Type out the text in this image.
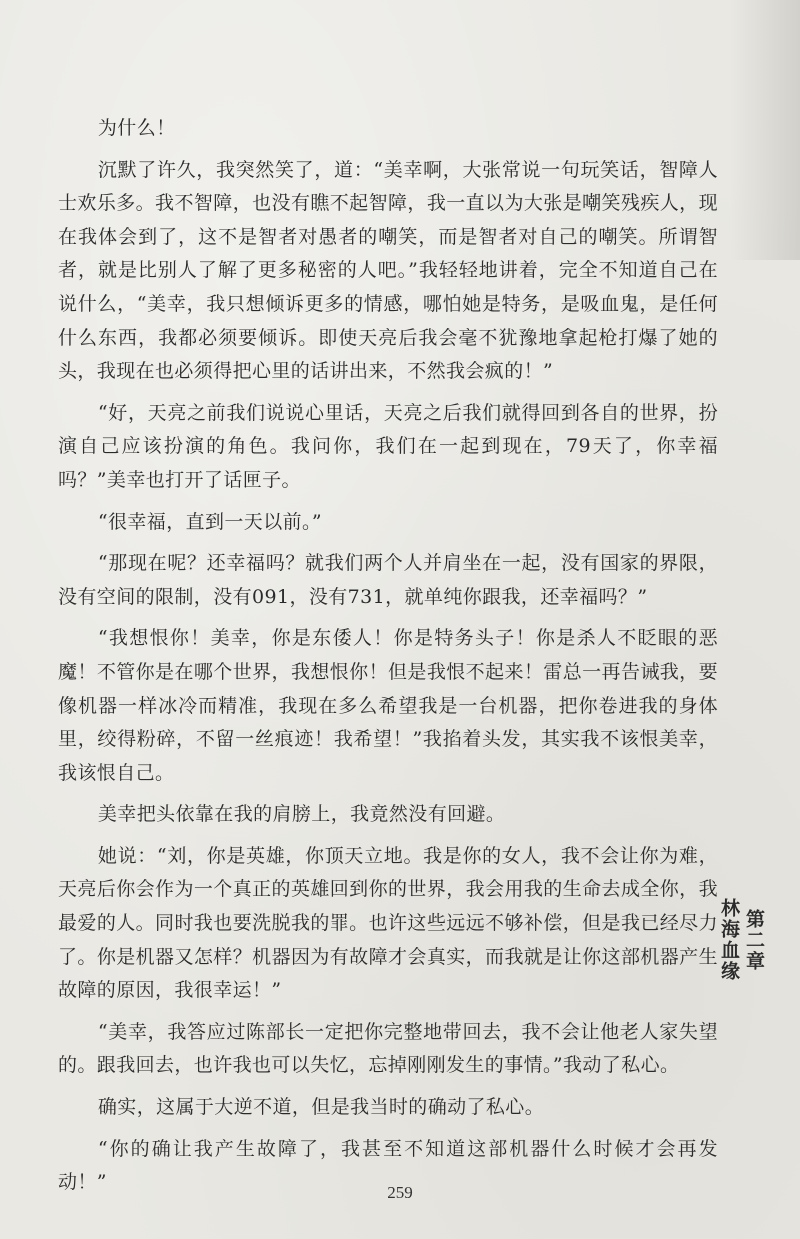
为什么！

沉默了许久，我突然笑了，道：“美幸啊，大张常说一句玩笑话，智障人士欢乐多。我不智障，也没有瞧不起智障，我一直以为大张是嘲笑残疾人，现在我体会到了，这不是智者对愚者的嘲笑，而是智者对自己的嘲笑。所谓智者，就是比别人了解了更多秘密的人吧。”我轻轻地讲着，完全不知道自己在说什么，“美幸，我只想倾诉更多的情感，哪怕她是特务，是吸血鬼，是任何什么东西，我都必须要倾诉。即使天亮后我会毫不犹豫地拿起枪打爆了她的头，我现在也必须得把心里的话讲出来，不然我会疯的！”

“好，天亮之前我们说说心里话，天亮之后我们就得回到各自的世界，扮演自己应该扮演的角色。我问你，我们在一起到现在，79天了，你幸福吗？”美幸也打开了话匣子。

“很幸福，直到一天以前。”

“那现在呢？还幸福吗？就我们两个人并肩坐在一起，没有国家的界限，没有空间的限制，没有091，没有731，就单纯你跟我，还幸福吗？”

“我想恨你！美幸，你是东倭人！你是特务头子！你是杀人不眨眼的恶魔！不管你是在哪个世界，我想恨你！但是我恨不起来！雷总一再告诫我，要像机器一样冰冷而精准，我现在多么希望我是一台机器，把你卷进我的身体里，绞得粉碎，不留一丝痕迹！我希望！”我掐着头发，其实我不该恨美幸，我该恨自己。

美幸把头依靠在我的肩膀上，我竟然没有回避。

她说：“刘，你是英雄，你顶天立地。我是你的女人，我不会让你为难，天亮后你会作为一个真正的英雄回到你的世界，我会用我的生命去成全你，我最爱的人。同时我也要洗脱我的罪。也许这些远远不够补偿，但是我已经尽力了。你是机器又怎样？机器因为有故障才会真实，而我就是让你这部机器产生故障的原因，我很幸运！”

“美幸，我答应过陈部长一定把你完整地带回去，我不会让他老人家失望的。跟我回去，也许我也可以失忆，忘掉刚刚发生的事情。”我动了私心。

确实，这属于大逆不道，但是我当时的确动了私心。

“你的确让我产生故障了，我甚至不知道这部机器什么时候才会再发动！”

第二章
林海血缘
259
